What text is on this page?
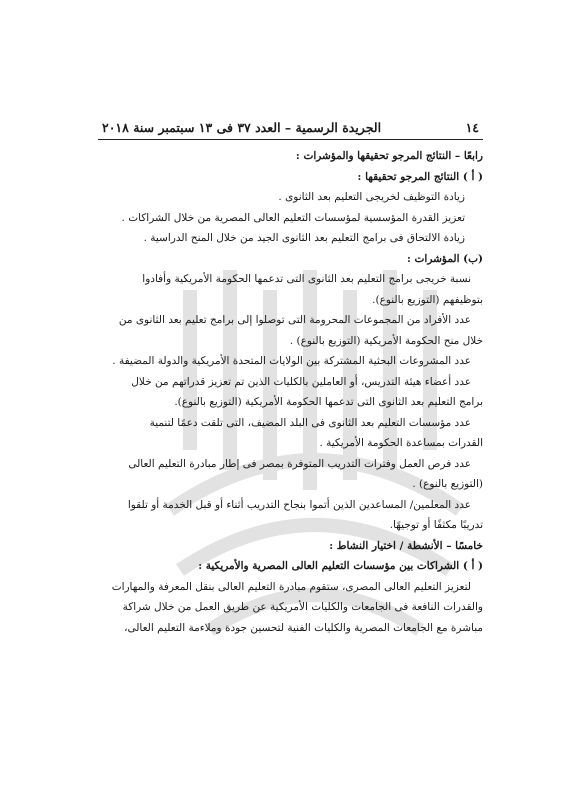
١٤
الجريدة الرسمية – العدد ٣٧ فى ١٣ سبتمبر سنة ٢٠١٨
رابعًا – النتائج المرجو تحقيقها والمؤشرات :
( أ ) النتائج المرجو تحقيقها :
زيادة التوظيف لخريجى التعليم بعد الثانوى .
تعزيز القدرة المؤسسية لمؤسسات التعليم العالى المصرية من خلال الشراكات .
زيادة الالتحاق فى برامج التعليم بعد الثانوى الجيد من خلال المنح الدراسية .
(ب) المؤشرات :
نسبة خريجى برامج التعليم بعد الثانوى التى تدعمها الحكومة الأمريكية وأفادوا
بتوظيفهم (التوزيع بالنوع).
عدد الأفراد من المجموعات المحرومة التى توصلوا إلى برامج تعليم بعد الثانوى من
خلال منح الحكومة الأمريكية (التوزيع بالنوع) .
عدد المشروعات البحثية المشتركة بين الولايات المتحدة الأمريكية والدولة المضيفة .
عدد أعضاء هيئة التدريس، أو العاملين بالكليات الذين تم تعزيز قدراتهم من خلال
برامج التعليم بعد الثانوى التى تدعمها الحكومة الأمريكية (التوزيع بالنوع).
عدد مؤسسات التعليم بعد الثانوى فى البلد المضيف، التى تلقت دعمًا لتنمية
القدرات بمساعدة الحكومة الأمريكية .
عدد فرص العمل وفترات التدريب المتوفرة بمصر فى إطار مبادرة التعليم العالى
(التوزيع بالنوع) .
عدد المعلمين/ المساعدين الذين أتموا بنجاح التدريب أثناء أو قبل الخدمة أو تلقوا
تدريبًا مكثفًا أو توجيهًا.
خامسًا – الأنشطة / اختيار النشاط :
( أ ) الشراكات بين مؤسسات التعليم العالى المصرية والأمريكية :
لتعزيز التعليم العالى المصرى، ستقوم مبادرة التعليم العالى بنقل المعرفة والمهارات
والقدرات النافعة فى الجامعات والكليات الأمريكية عن طريق العمل من خلال شراكة
مباشرة مع الجامعات المصرية والكليات الفنية لتحسين جودة وملاءمة التعليم العالى،
